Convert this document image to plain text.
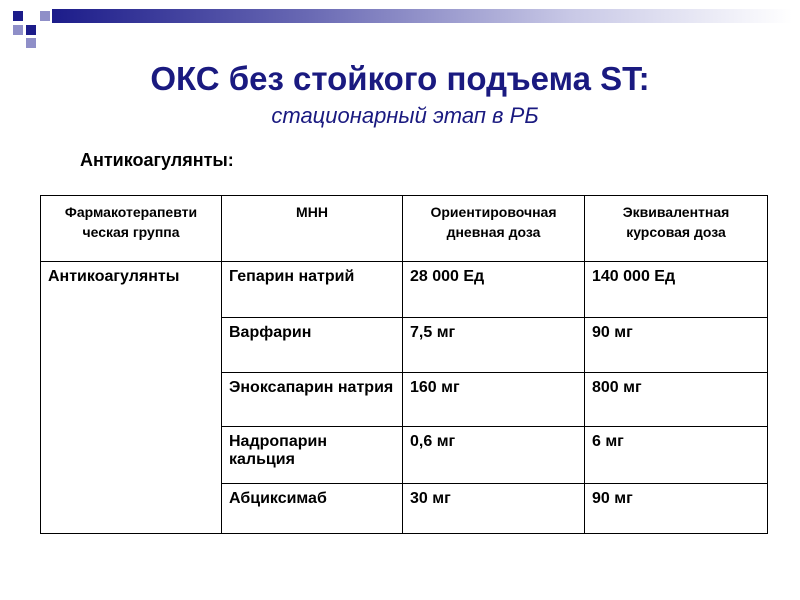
ОКС без стойкого подъема ST:
стационарный этап в РБ
Антикоагулянты:
Фармакотерапевти ческая группа	МНН	Ориентировочная дневная доза	Эквивалентная курсовая доза
Антикоагулянты	Гепарин натрий	28 000 Ед	140 000 Ед
	Варфарин	7,5 мг	90 мг
	Эноксапарин натрия	160 мг	800 мг
	Надропарин кальция	0,6 мг	6 мг
	Абциксимаб	30 мг	90 мг
